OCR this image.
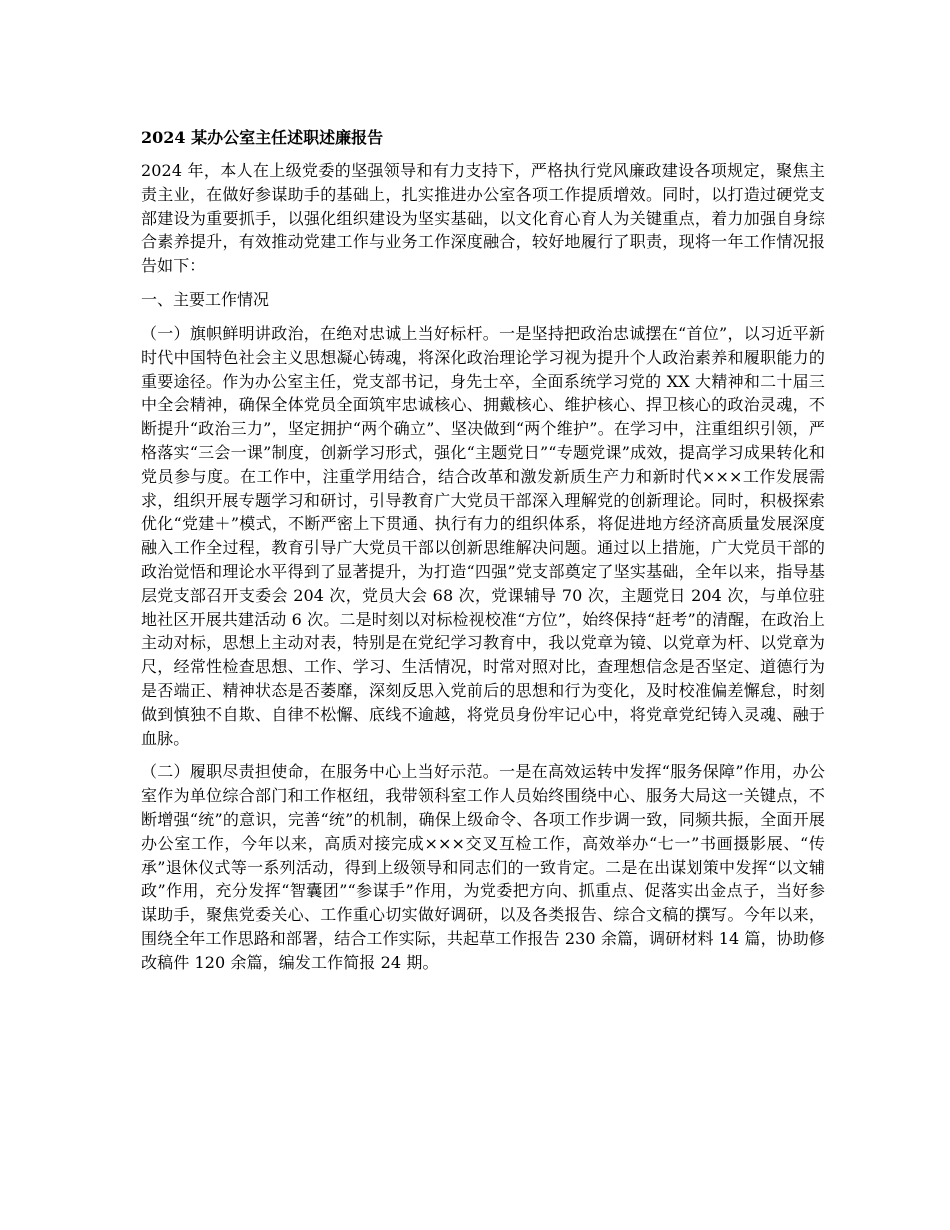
2024 某办公室主任述职述廉报告

2024 年，本人在上级党委的坚强领导和有力支持下，严格执行党风廉政建设各项规定，聚焦主责主业，在做好参谋助手的基础上，扎实推进办公室各项工作提质增效。同时，以打造过硬党支部建设为重要抓手，以强化组织建设为坚实基础，以文化育心育人为关键重点，着力加强自身综合素养提升，有效推动党建工作与业务工作深度融合，较好地履行了职责，现将一年工作情况报告如下：

一、主要工作情况

（一）旗帜鲜明讲政治，在绝对忠诚上当好标杆。一是坚持把政治忠诚摆在“首位”，以习近平新时代中国特色社会主义思想凝心铸魂，将深化政治理论学习视为提升个人政治素养和履职能力的重要途径。作为办公室主任，党支部书记，身先士卒，全面系统学习党的 XX 大精神和二十届三中全会精神，确保全体党员全面筑牢忠诚核心、拥戴核心、维护核心、捍卫核心的政治灵魂，不断提升“政治三力”，坚定拥护“两个确立”、坚决做到“两个维护”。在学习中，注重组织引领，严格落实“三会一课”制度，创新学习形式，强化“主题党日”“专题党课”成效，提高学习成果转化和党员参与度。在工作中，注重学用结合，结合改革和激发新质生产力和新时代×××工作发展需求，组织开展专题学习和研讨，引导教育广大党员干部深入理解党的创新理论。同时，积极探索优化“党建＋”模式，不断严密上下贯通、执行有力的组织体系，将促进地方经济高质量发展深度融入工作全过程，教育引导广大党员干部以创新思维解决问题。通过以上措施，广大党员干部的政治觉悟和理论水平得到了显著提升，为打造“四强”党支部奠定了坚实基础，全年以来，指导基层党支部召开支委会 204 次，党员大会 68 次，党课辅导 70 次，主题党日 204 次，与单位驻地社区开展共建活动 6 次。二是时刻以对标检视校准“方位”，始终保持“赶考”的清醒，在政治上主动对标，思想上主动对表，特别是在党纪学习教育中，我以党章为镜、以党章为杆、以党章为尺，经常性检查思想、工作、学习、生活情况，时常对照对比，查理想信念是否坚定、道德行为是否端正、精神状态是否萎靡，深刻反思入党前后的思想和行为变化，及时校准偏差懈怠，时刻做到慎独不自欺、自律不松懈、底线不逾越，将党员身份牢记心中，将党章党纪铸入灵魂、融于血脉。

（二）履职尽责担使命，在服务中心上当好示范。一是在高效运转中发挥“服务保障”作用，办公室作为单位综合部门和工作枢纽，我带领科室工作人员始终围绕中心、服务大局这一关键点，不断增强“统”的意识，完善“统”的机制，确保上级命令、各项工作步调一致，同频共振，全面开展办公室工作，今年以来，高质对接完成×××交叉互检工作，高效举办“七一”书画摄影展、“传承”退休仪式等一系列活动，得到上级领导和同志们的一致肯定。二是在出谋划策中发挥“以文辅政”作用，充分发挥“智囊团”“参谋手”作用，为党委把方向、抓重点、促落实出金点子，当好参谋助手，聚焦党委关心、工作重心切实做好调研，以及各类报告、综合文稿的撰写。今年以来，围绕全年工作思路和部署，结合工作实际，共起草工作报告 230 余篇，调研材料 14 篇，协助修改稿件 120 余篇，编发工作简报 24 期。
